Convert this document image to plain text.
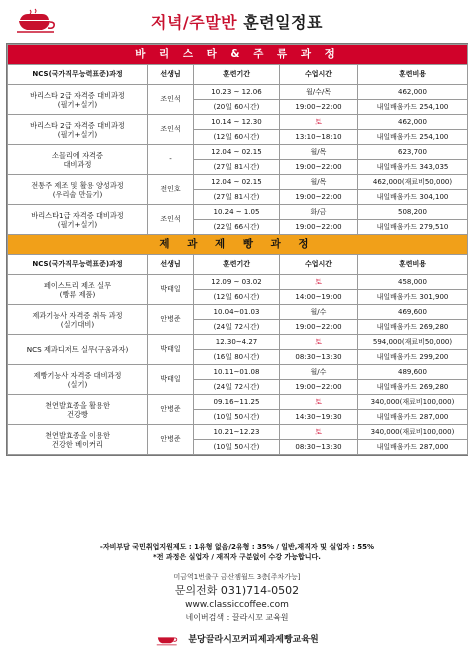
저녁/주말반 훈련일정표
바 리 스 타 & 주 류 과 정				
NCS(국가직무능력표준)과정	선생님	훈련기간	수업시간	훈련비용

바리스타 2급 자격증 대비과정
(필기+실기)	조인석	10.23 ~ 12.06	월/수/목	462,000
		(20일 60시간)	19:00~22:00	내일배움카드 254,100

바리스타 2급 자격증 대비과정
(필기+실기)	조인석	10.14 ~ 12.30	토	462,000
		(12일 60시간)	13:10~18:10	내일배움카드 254,100

소믈리에 자격증
대비과정	-	12.04 ~ 02.15	월/목	623,700
		(27일 81시간)	19:00~22:00	내일배움카드 343,035

전통주 제조 및 활용 양성과정
(우리술 만들기)	전인호	12.04 ~ 02.15	월/목	462,000(재료비50,000)
		(27일 81시간)	19:00~22:00	내일배움카드 304,100

바리스타1급 자격증 대비과정
(필기+실기)	조인석	10.24 ~ 1.05	화/금	508,200
		(22일 66시간)	19:00~22:00	내일배움카드 279,510
제 과 제 빵 과 정				
NCS(국가직무능력표준)과정	선생님	훈련기간	수업시간	훈련비용

페이스트리 제조 실무
(빵류 제품)	박태일	12.09 ~ 03.02	토	458,000
		(12일 60시간)	14:00~19:00	내일배움카드 301,900

제과기능사 자격증 취득 과정
(실기대비)	안병준	10.04~01.03	월/수	469,600
		(24일 72시간)	19:00~22:00	내일배움카드 269,280

NCS 제과디저트 실무(구움과자)	박태일	12.30~4.27	토	594,000(재료비50,000)
		(16일 80시간)	08:30~13:30	내일배움카드 299,200

제빵기능사 자격증 대비과정
(실기)	박태일	10.11~01.08	월/수	489,600
		(24일 72시간)	19:00~22:00	내일배움카드 269,280

천연발효종을 활용한
건강빵	안병준	09.16~11.25	토	340,000(재료비100,000)
		(10일 50시간)	14:30~19:30	내일배움카드 287,000

천연발효종을 이용한
건강한 베이커리	안병준	10.21~12.23	토	340,000(재료비100,000)
		(10일 50시간)	08:30~13:30	내일배움카드 287,000
-자비부담 국민취업지원제도 : 1유형 없음/2유형 : 35% / 일반,재직자 및 실업자 : 55%
*전 과정은 실업자 / 재직자 구분없이 수강 가능합니다.
미금역1번출구 금산젬월드 3층[주차가능]
문의전화 031)714-0502
www.classiccoffee.com
네이버검색 : 끌라시꼬 교육원
분당끌라시꼬커피제과제빵교육원
